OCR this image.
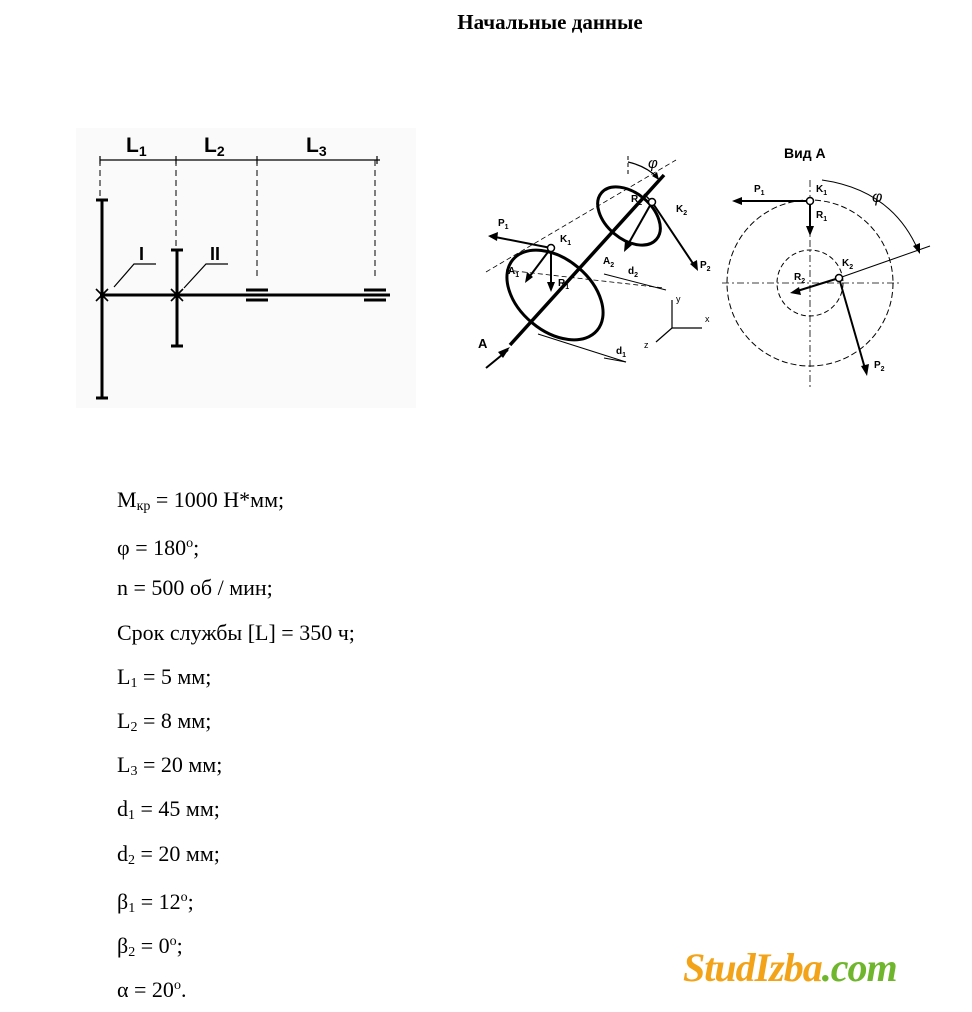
Начальные данные
L1	L2	L3
I	II
$P_1$
$K_1$
$A_1$
$R_1$
$R_2$
$K_2$
$A_2$
$d_2$
$P_2$
$d_1$
A
φ
y
x
z
Вид А
$P_1$	$K_1$
$R_1$
$R_2$
$K_2$
$P_2$
φ
$M_{кр} = 1000$ Н*мм;
$\varphi = 180^o$;
n = 500 об / мин;
Срок службы [L] = 350 ч;
$L_1 = 5$ мм;
$L_2 = 8$ мм;
$L_3 = 20$ мм;
$d_1 = 45$ мм;
$d_2 = 20$ мм;
$\beta_1 = 12^o$;
$\beta_2 = 0^o$;
$\alpha = 20^o$.	StudIzba.com
